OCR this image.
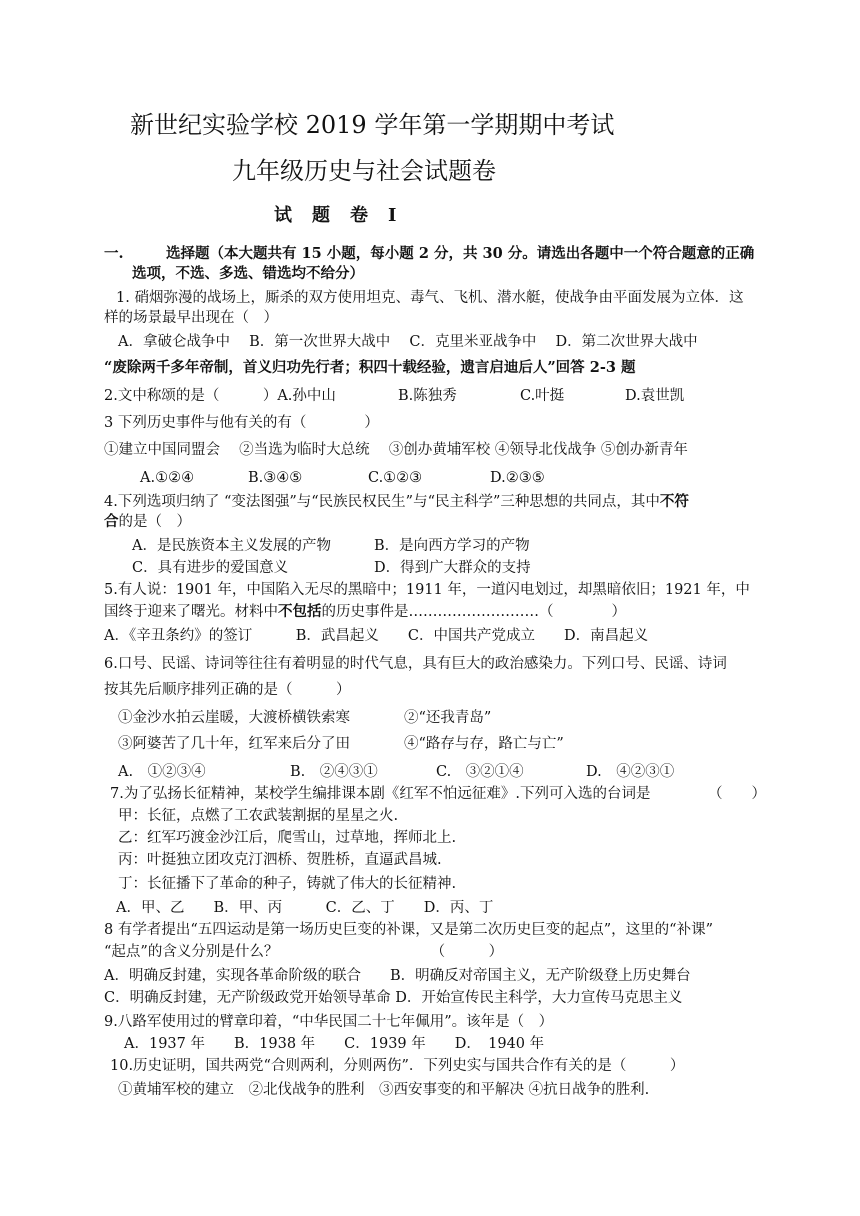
新世纪实验学校 2019 学年第一学期期中考试
九年级历史与社会试题卷
试　题　卷　Ⅰ
一.	选择题（本大题共有 15 小题，每小题 2 分，共 30 分。请选出各题中一个符合题意的正确
选项，不选、多选、错选均不给分）
1. 硝烟弥漫的战场上，厮杀的双方使用坦克、毒气、飞机、潜水艇，使战争由平面发展为立体．这
样的场景最早出现在（　）
A．拿破仑战争中　 B．第一次世界大战中　 C．克里米亚战争中　 D．第二次世界大战中
“废除两千多年帝制，首义归功先行者；积四十载经验，遗言启迪后人”回答 2-3 题
2.文中称颂的是（　　　）A.孙中山	B.陈独秀	C.叶挺	D.袁世凯
3 下列历史事件与他有关的有（　　　　）
①建立中国同盟会　 ②当选为临时大总统　 ③创办黄埔军校 ④领导北伐战争 ⑤创办新青年
A.①②④	B.③④⑤	C.①②③	D.②③⑤
4.下列选项归纳了 “变法图强”与“民族民权民生”与“民主科学”三种思想的共同点，其中不符
合的是（　）
A．是民族资本主义发展的产物	B．是向西方学习的产物
C．具有进步的爱国意义	D．得到广大群众的支持
5.有人说：1901 年，中国陷入无尽的黑暗中；1911 年，一道闪电划过，却黑暗依旧；1921 年，中
国终于迎来了曙光。材料中不包括的历史事件是………………………（　　　　）
A．《辛丑条约》的签订　　　B．武昌起义　　C．中国共产党成立　　D．南昌起义
6.口号、民谣、诗词等往往有着明显的时代气息，具有巨大的政治感染力。下列口号、民谣、诗词
按其先后顺序排列正确的是（　　　）
①金沙水拍云崖暖，大渡桥横铁索寒	②“还我青岛”
③阿婆苦了几十年，红军来后分了田	④“路存与存，路亡与亡”
A.　①②③④	B.　②④③①	C.　③②①④	D.　④②③①
7.为了弘扬长征精神，某校学生编排课本剧《红军不怕远征难》.下列可入选的台词是	（　　）
甲：长征，点燃了工农武装割据的星星之火.
乙：红军巧渡金沙江后，爬雪山，过草地，挥师北上.
丙：叶挺独立团攻克汀泗桥、贺胜桥，直逼武昌城.
丁：长征播下了革命的种子，铸就了伟大的长征精神.
A．甲、乙　　B．甲、丙　　　C．乙、丁　　D．丙、丁
8 有学者提出“五四运动是第一场历史巨变的补课，又是第二次历史巨变的起点”，这里的“补课”
“起点”的含义分别是什么？　　　　　　　　　　　（　　　）
A．明确反封建，实现各革命阶级的联合　　B．明确反对帝国主义，无产阶级登上历史舞台
C．明确反封建，无产阶级政党开始领导革命 D．开始宣传民主科学，大力宣传马克思主义
9.八路军使用过的臂章印着，“中华民国二十七年佩用”。该年是（　）
A．1937 年　　B．1938 年　　C．1939 年　　D．　1940 年
10.历史证明，国共两党“合则两利，分则两伤”．下列史实与国共合作有关的是（　　　）
①黄埔军校的建立　②北伐战争的胜利　③西安事变的和平解决 ④抗日战争的胜利.
